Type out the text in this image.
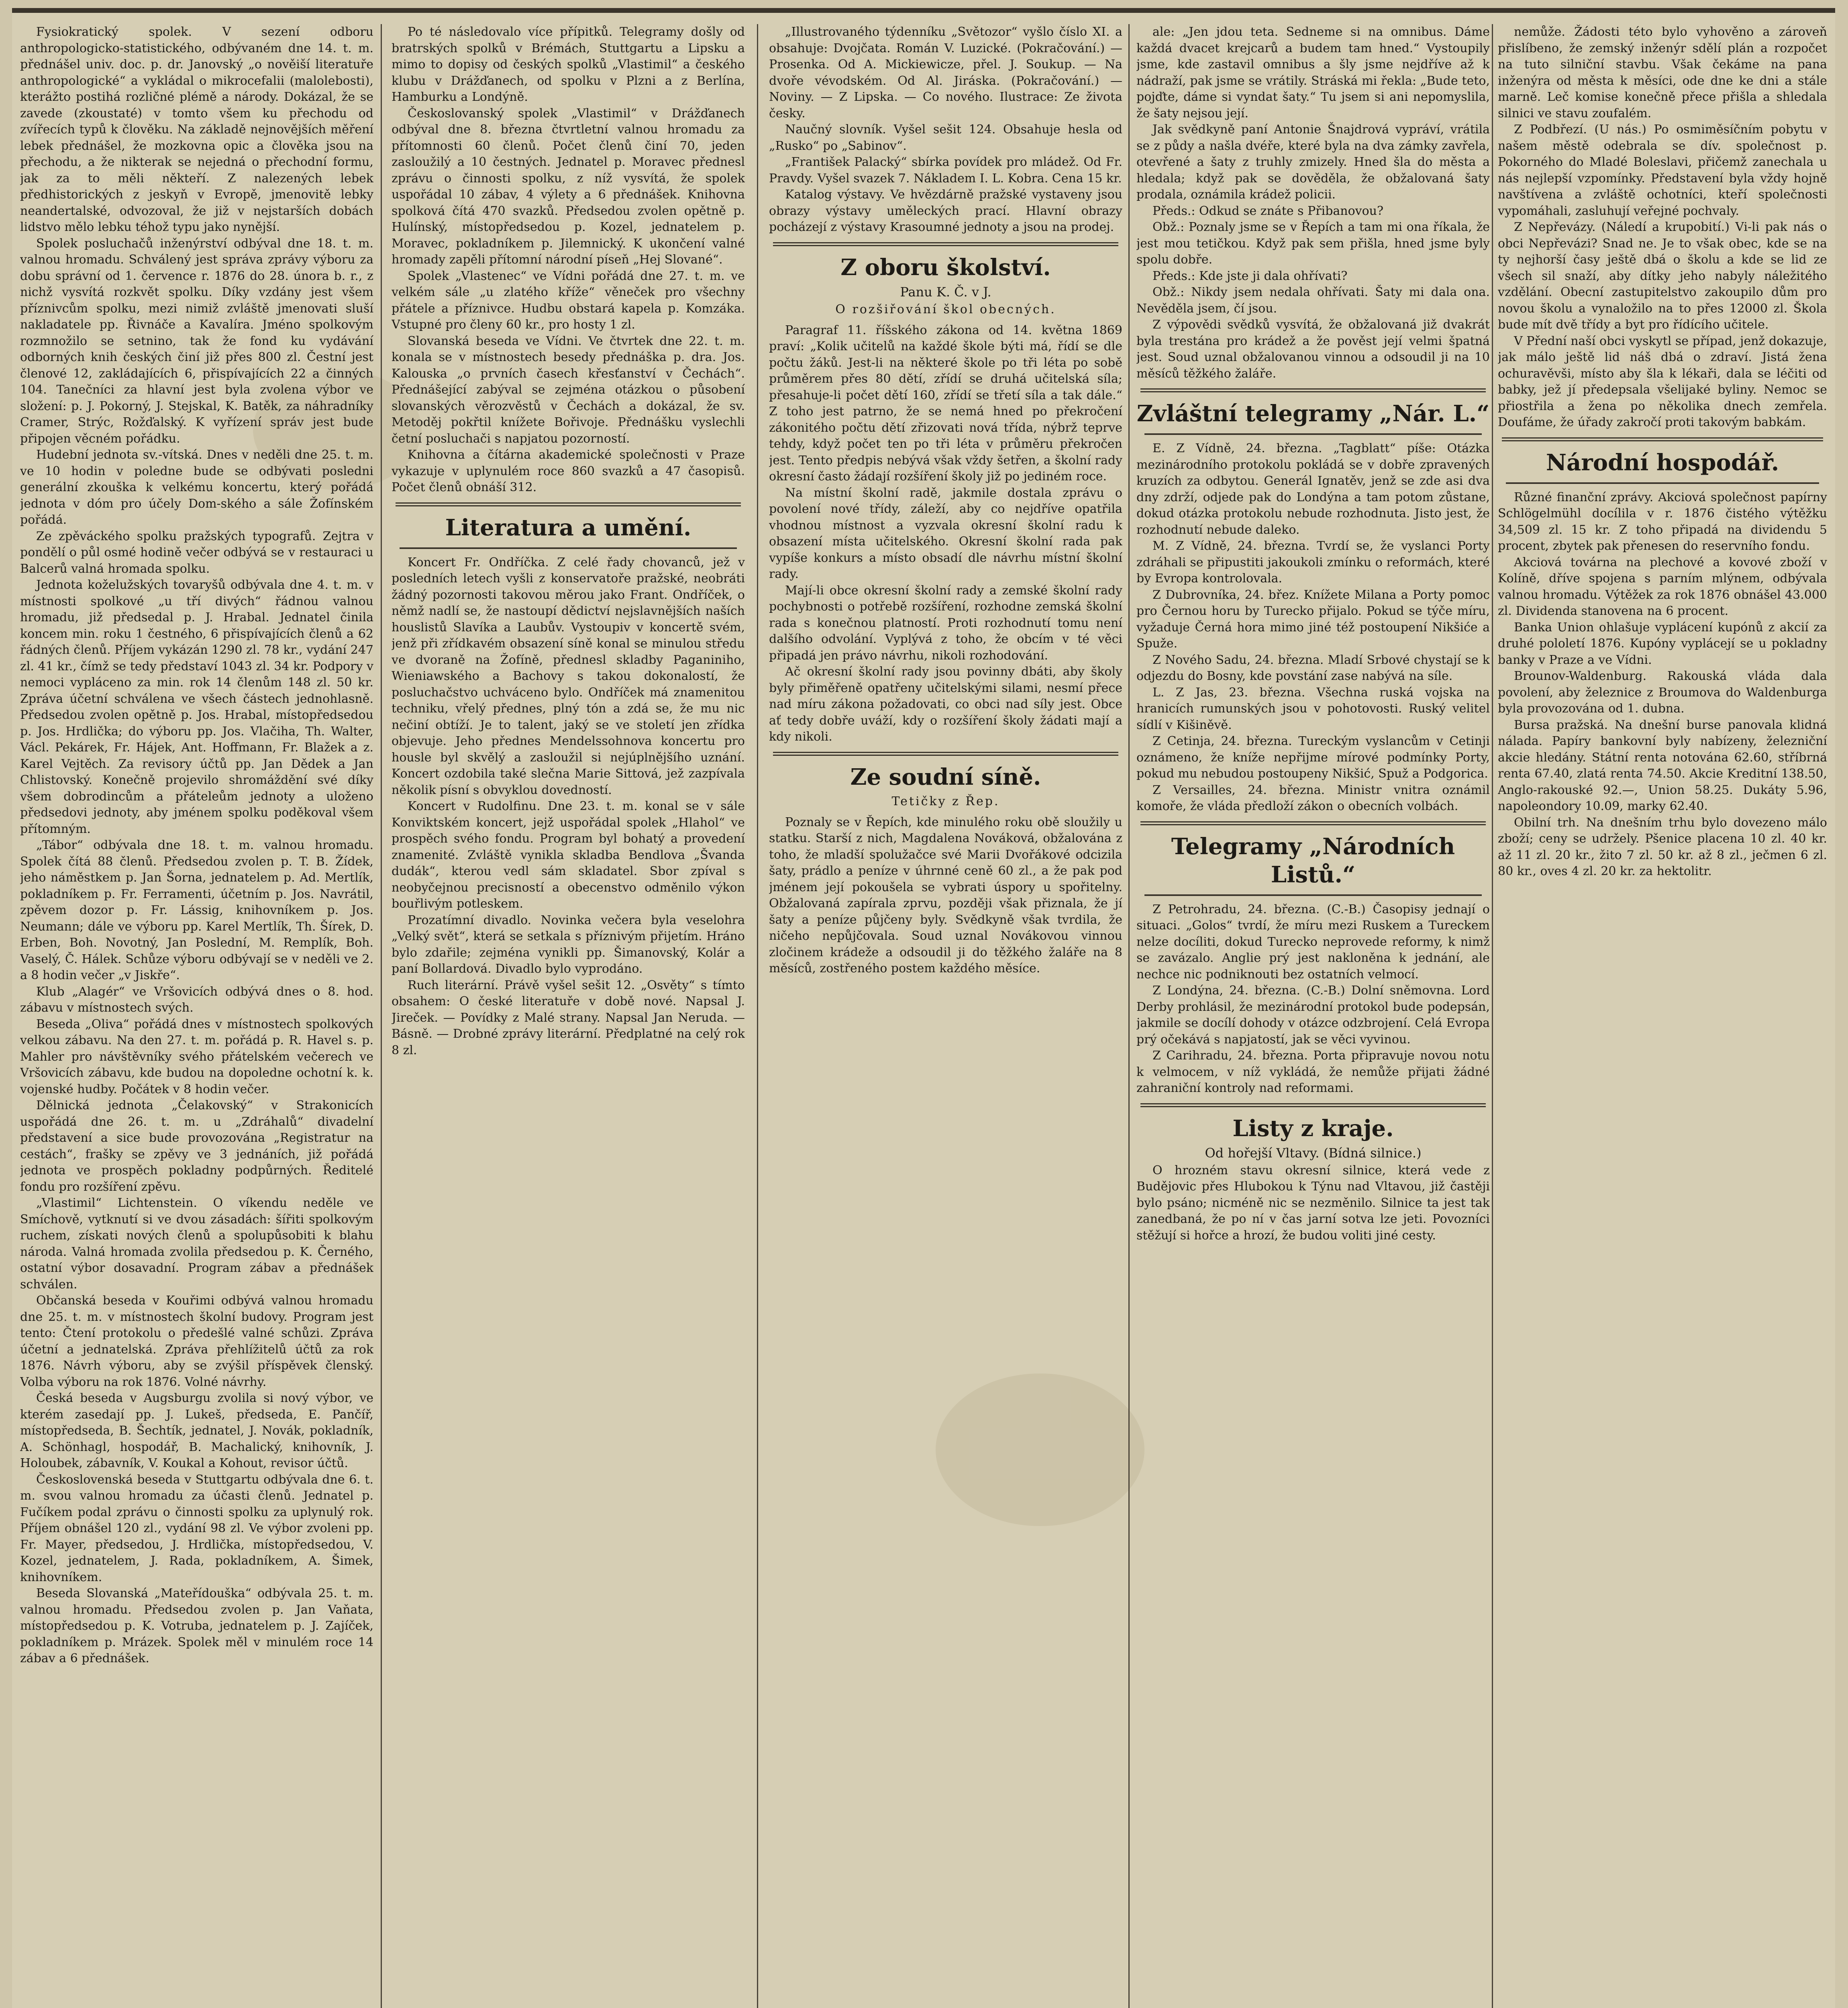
Fysiokratický spolek. V sezení odboru anthropologicko-statistického, odbývaném dne 14. t. m. přednášel univ. doc. p. dr. Janovský „o nověiší literatuře anthropologické“ a vykládal o mikrocefalii (malolebosti), kterážto postihá rozličné plémě a národy. Dokázal, že se zavede (zkoustaté) v tomto všem ku přechodu od zvířecích typů k člověku. Na základě nejnovějších měření lebek přednášel, že mozkovna opic a člověka jsou na přechodu, a že nikterak se nejedná o přechodní formu, jak za to měli někteří. Z nalezených lebek předhistorických z jeskyň v Evropě, jmenovitě lebky neandertalské, odvozoval, že již v nejstarších dobách lidstvo mělo lebku téhož typu jako nynější.

Spolek posluchačů inženýrství odbýval dne 18. t. m. valnou hromadu. Schválený jest správa zprávy výboru za dobu správní od 1. července r. 1876 do 28. února b. r., z nichž vysvítá rozkvět spolku. Díky vzdány jest všem příznivcům spolku, mezi nimiž zvláště jmenovati sluší nakladatele pp. Řivnáče a Kavalíra. Jméno spolkovým rozmnožilo se setnino, tak že fond ku vydávání odborných knih českých činí již přes 800 zl. Čestní jest členové 12, zakládajících 6, přispívajících 22 a činných 104. Tanečníci za hlavní jest byla zvolena výbor ve složení: p. J. Pokorný, J. Stejskal, K. Batěk, za náhradníky Cramer, Strýc, Rožďalský. K vyřízení správ jest bude připojen věcném pořádku.

Hudební jednota sv.-vítská. Dnes v neděli dne 25. t. m. ve 10 hodin v poledne bude se odbývati posledni generální zkouška k velkému koncertu, který pořádá jednota v dóm pro účely Dom-ského a sále Žofínském pořádá.

Ze zpěváckého spolku pražských typografů. Zejtra v pondělí o půl osmé hodině večer odbývá se v restauraci u Balcerů valná hromada spolku.

Jednota koželužských tovaryšů odbývala dne 4. t. m. v místnosti spolkové „u tří divých“ řádnou valnou hromadu, již předsedal p. J. Hrabal. Jednatel činila koncem min. roku 1 čestného, 6 přispívajících členů a 62 řádných členů. Příjem vykázán 1290 zl. 78 kr., vydání 247 zl. 41 kr., čímž se tedy představí 1043 zl. 34 kr. Podpory v nemoci vypláceno za min. rok 14 členům 148 zl. 50 kr. Zpráva účetní schválena ve všech částech jednohlasně. Předsedou zvolen opětně p. Jos. Hrabal, místopředsedou p. Jos. Hrdlička; do výboru pp. Jos. Vlačiha, Th. Walter, Václ. Pekárek, Fr. Hájek, Ant. Hoffmann, Fr. Blažek a z. Karel Vejtěch. Za revisory účtů pp. Jan Dědek a Jan Chlistovský. Konečně projevilo shromáždění své díky všem dobrodincům a přáteleům jednoty a uloženo předsedovi jednoty, aby jménem spolku poděkoval všem přítomným.

„Tábor“ odbývala dne 18. t. m. valnou hromadu. Spolek čítá 88 členů. Předsedou zvolen p. T. B. Žídek, jeho náměstkem p. Jan Šorna, jednatelem p. Ad. Mertlík, pokladníkem p. Fr. Ferramenti, účetním p. Jos. Navrátil, zpěvem dozor p. Fr. Lássig, knihovníkem p. Jos. Neumann; dále ve výboru pp. Karel Mertlík, Th. Šírek, D. Erben, Boh. Novotný, Jan Poslední, M. Remplík, Boh. Vaselý, Č. Hálek. Schůze výboru odbývají se v neděli ve 2. a 8 hodin večer „v Jiskře“.

Klub „Alagér“ ve Vršovicích odbývá dnes o 8. hod. zábavu v místnostech svých.

Beseda „Oliva“ pořádá dnes v místnostech spolkových velkou zábavu. Na den 27. t. m. pořádá p. R. Havel s. p. Mahler pro návštěvníky svého přátelském večerech ve Vršovicích zábavu, kde budou na dopoledne ochotní k. k. vojenské hudby. Počátek v 8 hodin večer.

Dělnická jednota „Čelakovský“ v Strakonicích uspořádá dne 26. t. m. u „Zdráhalů“ divadelní představení a sice bude provozována „Registratur na cestách“, frašky se zpěvy ve 3 jednáních, již pořádá jednota ve prospěch pokladny podpůrných. Ředitelé fondu pro rozšíření zpěvu.

„Vlastimil“ Lichtenstein. O víkendu neděle ve Smíchově, vytknutí si ve dvou zásadách: šířiti spolkovým ruchem, získati nových členů a spolupůsobiti k blahu národa. Valná hromada zvolila předsedou p. K. Černého, ostatní výbor dosavadní. Program zábav a přednášek schválen.

Občanská beseda v Kouřimi odbývá valnou hromadu dne 25. t. m. v místnostech školní budovy. Program jest tento: Čtení protokolu o předešlé valné schůzi. Zpráva účetní a jednatelská. Zpráva přehlížitelů účtů za rok 1876. Návrh výboru, aby se zvýšil příspěvek členský. Volba výboru na rok 1876. Volné návrhy.

Česká beseda v Augsburgu zvolila si nový výbor, ve kterém zasedají pp. J. Lukeš, předseda, E. Pančíř, místopředseda, B. Šechtík, jednatel, J. Novák, pokladník, A. Schönhagl, hospodář, B. Machalický, knihovník, J. Holoubek, zábavník, V. Koukal a Kohout, revisor účtů.

Československá beseda v Stuttgartu odbývala dne 6. t. m. svou valnou hromadu za účasti členů. Jednatel p. Fučíkem podal zprávu o činnosti spolku za uplynulý rok. Příjem obnášel 120 zl., vydání 98 zl. Ve výbor zvoleni pp. Fr. Mayer, předsedou, J. Hrdlička, místopředsedou, V. Kozel, jednatelem, J. Rada, pokladníkem, A. Šimek, knihovníkem.

Beseda Slovanská „Mateřídouška“ odbývala 25. t. m. valnou hromadu. Předsedou zvolen p. Jan Vaňata, místopředsedou p. K. Votruba, jednatelem p. J. Zajíček, pokladníkem p. Mrázek. Spolek měl v minulém roce 14 zábav a 6 přednášek.

Po té následovalo více přípitků. Telegramy došly od bratrských spolků v Brémách, Stuttgartu a Lipsku a mimo to dopisy od českých spolků „Vlastimil“ a českého klubu v Drážďanech, od spolku v Plzni a z Berlína, Hamburku a Londýně.

Českoslovanský spolek „Vlastimil“ v Drážďanech odbýval dne 8. března čtvrtletní valnou hromadu za přítomnosti 60 členů. Počet členů činí 70, jeden zasloužilý a 10 čestných. Jednatel p. Moravec přednesl zprávu o činnosti spolku, z níž vysvítá, že spolek uspořádal 10 zábav, 4 výlety a 6 přednášek. Knihovna spolková čítá 470 svazků. Předsedou zvolen opětně p. Hulínský, místopředsedou p. Kozel, jednatelem p. Moravec, pokladníkem p. Jilemnický. K ukončení valné hromady zapěli přítomní národní píseň „Hej Slované“.

Spolek „Vlastenec“ ve Vídni pořádá dne 27. t. m. ve velkém sále „u zlatého kříže“ věneček pro všechny přátele a příznivce. Hudbu obstará kapela p. Komzáka. Vstupné pro členy 60 kr., pro hosty 1 zl.

Slovanská beseda ve Vídni. Ve čtvrtek dne 22. t. m. konala se v místnostech besedy přednáška p. dra. Jos. Kalouska „o prvních časech křesťanství v Čechách“. Přednášející zabýval se zejména otázkou o působení slovanských věrozvěstů v Čechách a dokázal, že sv. Metoděj pokřtil knížete Bořivoje. Přednášku vyslechli četní posluchači s napjatou pozorností.

Knihovna a čítárna akademické společnosti v Praze vykazuje v uplynulém roce 860 svazků a 47 časopisů. Počet členů obnáší 312.

Literatura a umění.

Koncert Fr. Ondříčka. Z celé řady chovanců, jež v posledních letech vyšli z konservatoře pražské, neobráti žádný pozornosti takovou měrou jako Frant. Ondříček, o němž nadlí se, že nastoupí dědictví nejslavnějších naších houslistů Slavíka a Laubův. Vystoupiv v koncertě svém, jenž při zřídkavém obsazení síně konal se minulou středu ve dvoraně na Žofíně, přednesl skladby Paganiniho, Wieniawského a Bachovy s takou dokonalostí, že posluchačstvo uchváceno bylo. Ondříček má znamenitou techniku, vřelý přednes, plný tón a zdá se, že mu nic nečiní obtíží. Je to talent, jaký se ve století jen zřídka objevuje. Jeho přednes Mendelssohnova koncertu pro housle byl skvělý a zasloužil si nejúplnějšího uznání. Koncert ozdobila také slečna Marie Sittová, jež zazpívala několik písní s obvyklou dovedností.

Koncert v Rudolfinu. Dne 23. t. m. konal se v sále Konviktském koncert, jejž uspořádal spolek „Hlahol“ ve prospěch svého fondu. Program byl bohatý a provedení znamenité. Zvláště vynikla skladba Bendlova „Švanda dudák“, kterou vedl sám skladatel. Sbor zpíval s neobyčejnou precisností a obecenstvo odměnilo výkon bouřlivým potleskem.

Prozatímní divadlo. Novinka večera byla veselohra „Velký svět“, která se setkala s příznivým přijetím. Hráno bylo zdařile; zejména vynikli pp. Šimanovský, Kolár a paní Bollardová. Divadlo bylo vyprodáno.

Ruch literární. Právě vyšel sešit 12. „Osvěty“ s tímto obsahem: O české literatuře v době nové. Napsal J. Jireček. — Povídky z Malé strany. Napsal Jan Neruda. — Básně. — Drobné zprávy literární. Předplatné na celý rok 8 zl.

„Illustrovaného týdenníku „Světozor“ vyšlo číslo XI. a obsahuje: Dvojčata. Román V. Luzické. (Pokračování.) — Prosenka. Od A. Mickiewicze, přel. J. Soukup. — Na dvoře vévodském. Od Al. Jiráska. (Pokračování.) — Noviny. — Z Lipska. — Co nového. Ilustrace: Ze života česky.

Naučný slovník. Vyšel sešit 124. Obsahuje hesla od „Rusko“ po „Sabinov“.

„František Palacký“ sbírka povídek pro mládež. Od Fr. Pravdy. Vyšel svazek 7. Nákladem I. L. Kobra. Cena 15 kr.

Katalog výstavy. Ve hvězdárně pražské vystaveny jsou obrazy výstavy uměleckých prací. Hlavní obrazy pocházejí z výstavy Krasoumné jednoty a jsou na prodej.

Z oboru školství.
Panu K. Č. v J.
O rozšiřování škol obecných.

Paragraf 11. říšského zákona od 14. května 1869 praví: „Kolik učitelů na každé škole býti má, řídí se dle počtu žáků. Jest-li na některé škole po tři léta po sobě průměrem přes 80 dětí, zřídí se druhá učitelská síla; přesahuje-li počet dětí 160, zřídí se třetí síla a tak dále.“ Z toho jest patrno, že se nemá hned po překročení zákonitého počtu dětí zřizovati nová třída, nýbrž teprve tehdy, když počet ten po tři léta v průměru překročen jest. Tento předpis nebývá však vždy šetřen, a školní rady okresní často žádají rozšíření školy již po jediném roce.

Na místní školní radě, jakmile dostala zprávu o povolení nové třídy, záleží, aby co nejdříve opatřila vhodnou místnost a vyzvala okresní školní radu k obsazení místa učitelského. Okresní školní rada pak vypíše konkurs a místo obsadí dle návrhu místní školní rady.

Mají-li obce okresní školní rady a zemské školní rady pochybnosti o potřebě rozšíření, rozhodne zemská školní rada s konečnou platností. Proti rozhodnutí tomu není dalšího odvolání. Vyplývá z toho, že obcím v té věci připadá jen právo návrhu, nikoli rozhodování.

Ač okresní školní rady jsou povinny dbáti, aby školy byly přiměřeně opatřeny učitelskými silami, nesmí přece nad míru zákona požadovati, co obci nad síly jest. Obce ať tedy dobře uváží, kdy o rozšíření školy žádati mají a kdy nikoli.

Ze soudní síně.
Tetičky z Řep.

Poznaly se v Řepích, kde minulého roku obě sloužily u statku. Starší z nich, Magdalena Nováková, obžalována z toho, že mladší spolužačce své Marii Dvořákové odcizila šaty, prádlo a peníze v úhrnné ceně 60 zl., a že pak pod jménem její pokoušela se vybrati úspory u spořitelny. Obžalovaná zapírala zprvu, později však přiznala, že jí šaty a peníze půjčeny byly. Svědkyně však tvrdila, že ničeho nepůjčovala. Soud uznal Novákovou vinnou zločinem krádeže a odsoudil ji do těžkého žaláře na 8 měsíců, zostřeného postem každého měsíce.

ale: „Jen jdou teta. Sedneme si na omnibus. Dáme každá dvacet krejcarů a budem tam hned.“ Vystoupily jsme, kde zastavil omnibus a šly jsme nejdříve až k nádraží, pak jsme se vrátily. Stráská mi řekla: „Bude teto, pojďte, dáme si vyndat šaty.“ Tu jsem si ani nepomyslila, že šaty nejsou její.

Jak svědkyně paní Antonie Šnajdrová vypráví, vrátila se z půdy a našla dvéře, které byla na dva zámky zavřela, otevřené a šaty z truhly zmizely. Hned šla do města a hledala; když pak se dověděla, že obžalovaná šaty prodala, oznámila krádež policii.

Předs.: Odkud se znáte s Přibanovou?

Obž.: Poznaly jsme se v Řepích a tam mi ona říkala, že jest mou tetičkou. Když pak sem přišla, hned jsme byly spolu dobře.

Předs.: Kde jste ji dala ohřívati?

Obž.: Nikdy jsem nedala ohřívati. Šaty mi dala ona. Nevěděla jsem, čí jsou.

Z výpovědi svědků vysvítá, že obžalovaná již dvakrát byla trestána pro krádež a že pověst její velmi špatná jest. Soud uznal obžalovanou vinnou a odsoudil ji na 10 měsíců těžkého žaláře.

Zvláštní telegramy „Nár. L.“

E. Z Vídně, 24. března. „Tagblatt“ píše: Otázka mezinárodního protokolu pokládá se v dobře zpravených kruzích za odbytou. Generál Ignatěv, jenž se zde asi dva dny zdrží, odjede pak do Londýna a tam potom zůstane, dokud otázka protokolu nebude rozhodnuta. Jisto jest, že rozhodnutí nebude daleko.

M. Z Vídně, 24. března. Tvrdí se, že vyslanci Porty zdráhali se připustiti jakoukoli zmínku o reformách, které by Evropa kontrolovala.

Z Dubrovníka, 24. břez. Knížete Milana a Porty pomoc pro Černou horu by Turecko přijalo. Pokud se týče míru, vyžaduje Černá hora mimo jiné též postoupení Nikšiće a Spuže.

Z Nového Sadu, 24. března. Mladí Srbové chystají se k odjezdu do Bosny, kde povstání zase nabývá na síle.

L. Z Jas, 23. března. Všechna ruská vojska na hranicích rumunských jsou v pohotovosti. Ruský velitel sídlí v Kišiněvě.

Z Cetinja, 24. března. Tureckým vyslancům v Cetinji oznámeno, že kníže nepřijme mírové podmínky Porty, pokud mu nebudou postoupeny Nikšić, Spuž a Podgorica.

Z Versailles, 24. března. Ministr vnitra oznámil komoře, že vláda předloží zákon o obecních volbách.

Telegramy „Národních Listů.“

Z Petrohradu, 24. března. (C.-B.) Časopisy jednají o situaci. „Golos“ tvrdí, že míru mezi Ruskem a Tureckem nelze docíliti, dokud Turecko neprovede reformy, k nimž se zavázalo. Anglie prý jest nakloněna k jednání, ale nechce nic podniknouti bez ostatních velmocí.

Z Londýna, 24. března. (C.-B.) Dolní sněmovna. Lord Derby prohlásil, že mezinárodní protokol bude podepsán, jakmile se docílí dohody v otázce odzbrojení. Celá Evropa prý očekává s napjatostí, jak se věci vyvinou.

Z Carihradu, 24. března. Porta připravuje novou notu k velmocem, v níž vykládá, že nemůže přijati žádné zahraniční kontroly nad reformami.

Listy z kraje.
Od hořejší Vltavy. (Bídná silnice.)

O hrozném stavu okresní silnice, která vede z Budějovic přes Hlubokou k Týnu nad Vltavou, již častěji bylo psáno; nicméně nic se nezměnilo. Silnice ta jest tak zanedbaná, že po ní v čas jarní sotva lze jeti. Povozníci stěžují si hořce a hrozí, že budou voliti jiné cesty.

nemůže. Žádosti této bylo vyhověno a zároveň přislíbeno, že zemský inženýr sdělí plán a rozpočet na tuto silniční stavbu. Však čekáme na pana inženýra od města k měsíci, ode dne ke dni a stále marně. Leč komise konečně přece přišla a shledala silnici ve stavu zoufalém.

Z Podbřezí. (U nás.) Po osmiměsíčním pobytu v našem městě odebrala se dív. společnost p. Pokorného do Mladé Boleslavi, přičemž zanechala u nás nejlepší vzpomínky. Představení byla vždy hojně navštívena a zvláště ochotníci, kteří společnosti vypomáhali, zasluhují veřejné pochvaly.

Z Nepřevázy. (Náledí a krupobití.) Vi-li pak nás o obci Nepřevázi? Snad ne. Je to však obec, kde se na ty nejhorší časy ještě dbá o školu a kde se lid ze všech sil snaží, aby dítky jeho nabyly náležitého vzdělání. Obecní zastupitelstvo zakoupilo dům pro novou školu a vynaložilo na to přes 12000 zl. Škola bude mít dvě třídy a byt pro řídícího učitele.

V Přední naší obci vyskytl se případ, jenž dokazuje, jak málo ještě lid náš dbá o zdraví. Jistá žena ochuravěvši, místo aby šla k lékaři, dala se léčiti od babky, jež jí předepsala všelijaké byliny. Nemoc se přiostřila a žena po několika dnech zemřela. Doufáme, že úřady zakročí proti takovým babkám.

Národní hospodář.

Různé finanční zprávy. Akciová společnost papírny Schlögelmühl docílila v r. 1876 čistého výtěžku 34,509 zl. 15 kr. Z toho připadá na dividendu 5 procent, zbytek pak přenesen do reservního fondu.

Akciová továrna na plechové a kovové zboží v Kolíně, dříve spojena s parním mlýnem, odbývala valnou hromadu. Výtěžek za rok 1876 obnášel 43.000 zl. Dividenda stanovena na 6 procent.

Banka Union ohlašuje vyplácení kupónů z akcií za druhé pololetí 1876. Kupóny vyplácejí se u pokladny banky v Praze a ve Vídni.

Brounov-Waldenburg. Rakouská vláda dala povolení, aby železnice z Broumova do Waldenburga byla provozována od 1. dubna.

Bursa pražská. Na dnešní burse panovala klidná nálada. Papíry bankovní byly nabízeny, železniční akcie hledány. Státní renta notována 62.60, stříbrná renta 67.40, zlatá renta 74.50. Akcie Kreditní 138.50, Anglo-rakouské 92.—, Union 58.25. Dukáty 5.96, napoleondory 10.09, marky 62.40.

Obilní trh. Na dnešním trhu bylo dovezeno málo zboží; ceny se udržely. Pšenice placena 10 zl. 40 kr. až 11 zl. 20 kr., žito 7 zl. 50 kr. až 8 zl., ječmen 6 zl. 80 kr., oves 4 zl. 20 kr. za hektolitr.
